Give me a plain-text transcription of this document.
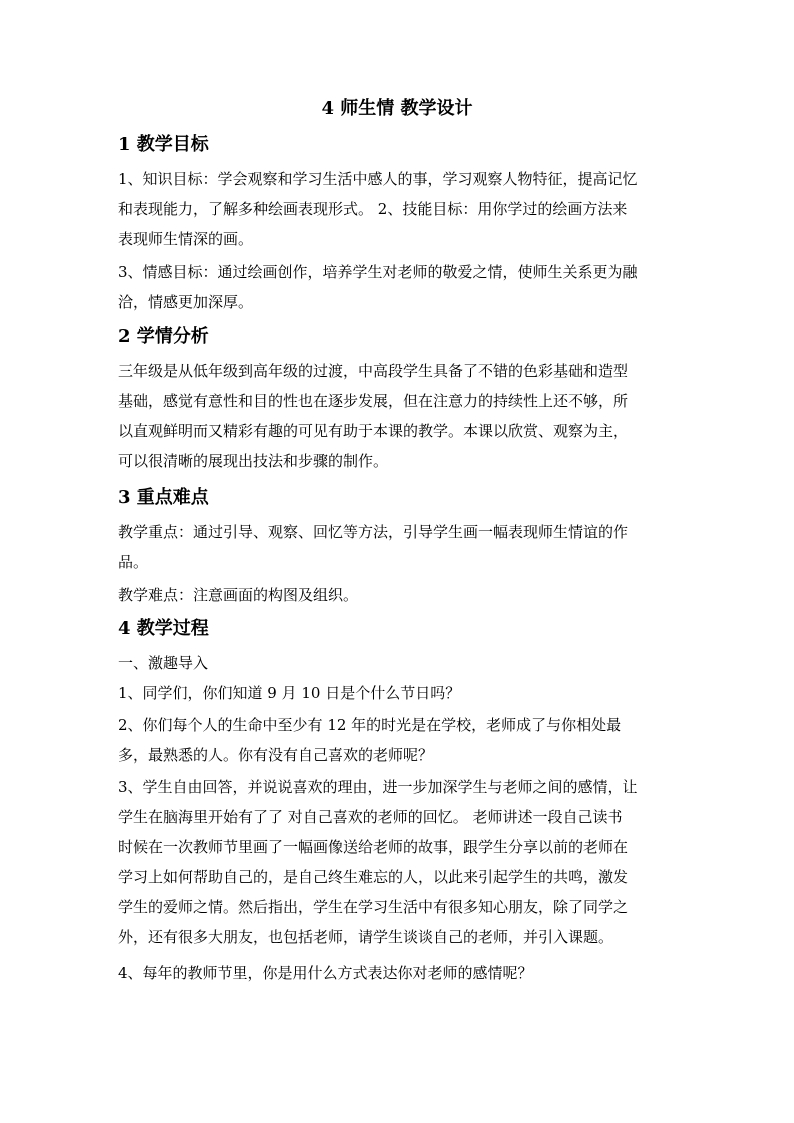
4 师生情 教学设计
1 教学目标
1、知识目标：学会观察和学习生活中感人的事，学习观察人物特征，提高记忆
和表现能力，了解多种绘画表现形式。 2、技能目标：用你学过的绘画方法来
表现师生情深的画。
3、情感目标：通过绘画创作，培养学生对老师的敬爱之情，使师生关系更为融
洽，情感更加深厚。
2 学情分析
三年级是从低年级到高年级的过渡，中高段学生具备了不错的色彩基础和造型
基础，感觉有意性和目的性也在逐步发展，但在注意力的持续性上还不够，所
以直观鲜明而又精彩有趣的可见有助于本课的教学。本课以欣赏、观察为主，
可以很清晰的展现出技法和步骤的制作。
3 重点难点
教学重点：通过引导、观察、回忆等方法，引导学生画一幅表现师生情谊的作
品。
教学难点：注意画面的构图及组织。
4 教学过程
一、激趣导入
1、同学们，你们知道 9 月 10 日是个什么节日吗？
2、你们每个人的生命中至少有 12 年的时光是在学校，老师成了与你相处最
多，最熟悉的人。你有没有自己喜欢的老师呢？
3、学生自由回答，并说说喜欢的理由，进一步加深学生与老师之间的感情，让
学生在脑海里开始有了了 对自己喜欢的老师的回忆。 老师讲述一段自己读书
时候在一次教师节里画了一幅画像送给老师的故事，跟学生分享以前的老师在
学习上如何帮助自己的，是自己终生难忘的人，以此来引起学生的共鸣，激发
学生的爱师之情。然后指出，学生在学习生活中有很多知心朋友，除了同学之
外，还有很多大朋友，也包括老师，请学生谈谈自己的老师，并引入课题。
4、每年的教师节里，你是用什么方式表达你对老师的感情呢？
